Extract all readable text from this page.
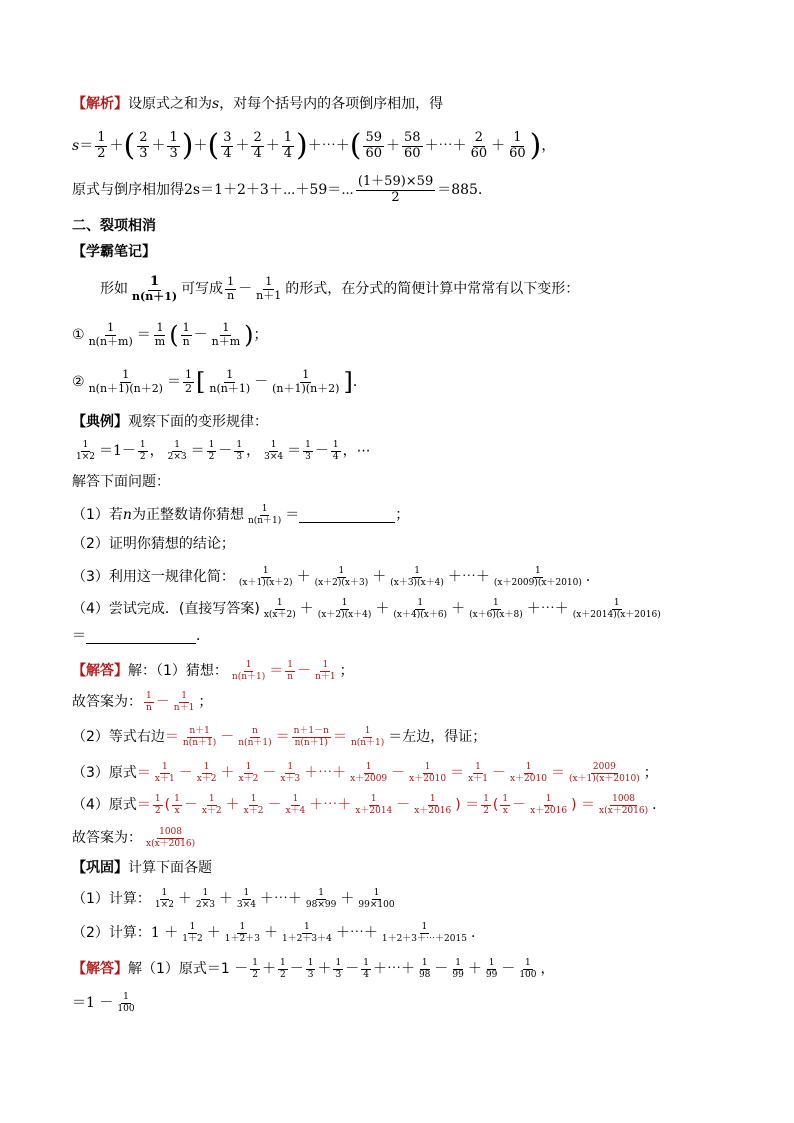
【解析】 设原式之和为 s ，对每个括号内的各项倒序相加，得
$s = \frac{1}{2}$ ＋ ( $\frac{2}{3} + \frac{1}{3}$ ) ＋ ( $\frac{3}{4} + \frac{2}{4} + \frac{1}{4}$ ) ＋⋯＋ ( $\frac{59}{60} + \frac{58}{60}$ ＋⋯＋ $\frac{2}{60} + \frac{1}{60}$ ) ，
原式与倒序相加得 2s＝1＋2＋3＋⋯＋59＝⋯ $\frac{(1+59)\times 59}{2} =885$．
二、裂项相消
【学霸笔记】
形如 $\frac{1}{n(n+1)}$ 可写成 $\frac{1}{n} - \frac{1}{n+1}$ 的形式，在分式的简便计算中常常有以下变形：
① $\frac{1}{n(n+m)} = \frac{1}{m}$ ( $\frac{1}{n} - \frac{1}{n+m}$ ) ；
② $\frac{1}{n(n+1)(n+2)} = \frac{1}{2}$ [ $\frac{1}{n(n+1)} - \frac{1}{(n+1)(n+2)}$ ] ．
【典例】 观察下面的变形规律：
$\frac{1}{1\times 2} =1- \frac{1}{2}$ ， $\frac{1}{2\times 3} = \frac{1}{2} - \frac{1}{3}$ ， $\frac{1}{3\times 4} = \frac{1}{3} - \frac{1}{4}$ ，⋯
解答下面问题：
（1）若 n 为正整数请你猜想 $\frac{1}{n(n+1)}$ ＝	；
（2）证明你猜想的结论；
（3）利用这一规律化简： $\frac{1}{(x+1)(x+2)} + \frac{1}{(x+2)(x+3)} + \frac{1}{(x+3)(x+4)}$ ＋⋯＋ $\frac{1}{(x+2009)(x+2010)}$ ．
（4）尝试完成．(直接写答案) $\frac{1}{x(x+2)} + \frac{1}{(x+2)(x+4)} + \frac{1}{(x+4)(x+6)} + \frac{1}{(x+6)(x+8)}$ ＋⋯＋ $\frac{1}{(x+2014)(x+2016)}$
＝	．
【解答】 解：（1）猜想： $\frac{1}{n(n+1)} = \frac{1}{n} - \frac{1}{n+1}$ ；
故答案为： $\frac{1}{n} - \frac{1}{n+1}$ ；
（2）等式右边 ＝ $\frac{n+1}{n(n+1)} - \frac{n}{n(n+1)} = \frac{n+1-n}{n(n+1)} = \frac{1}{n(n+1)}$ ＝左边，得证；
（3）原式 ＝ $\frac{1}{x+1} - \frac{1}{x+2} + \frac{1}{x+2} - \frac{1}{x+3}$ ＋⋯＋ $\frac{1}{x+2009} - \frac{1}{x+2010} = \frac{1}{x+1} - \frac{1}{x+2010} = \frac{2009}{(x+1)(x+2010)}$ ；
（4）原式 ＝ $\frac{1}{2}$ ( $\frac{1}{x} - \frac{1}{x+2} + \frac{1}{x+2} - \frac{1}{x+4}$ ＋⋯＋ $\frac{1}{x+2014} - \frac{1}{x+2016}$ ) ＝ $\frac{1}{2}$ ( $\frac{1}{x} - \frac{1}{x+2016}$ ) ＝ $\frac{1008}{x(x+2016)}$ ．
故答案为： $\frac{1008}{x(x+2016)}$
【巩固】 计算下面各题
（1）计算： $\frac{1}{1\times 2} + \frac{1}{2\times 3} + \frac{1}{3\times 4}$ ＋⋯＋ $\frac{1}{98\times 99} + \frac{1}{99\times 100}$
（2）计算： $1 + \frac{1}{1+2} + \frac{1}{1+2+3} + \frac{1}{1+2+3+4}$ ＋⋯＋ $\frac{1}{1+2+3+\cdots+2015}$ ．
【解答】 解（1）原式$=1 - \frac{1}{2} + \frac{1}{2} - \frac{1}{3} + \frac{1}{3} - \frac{1}{4}$ ＋⋯＋ $\frac{1}{98} - \frac{1}{99} + \frac{1}{99} - \frac{1}{100}$ ，
$=1 - \frac{1}{100}$
